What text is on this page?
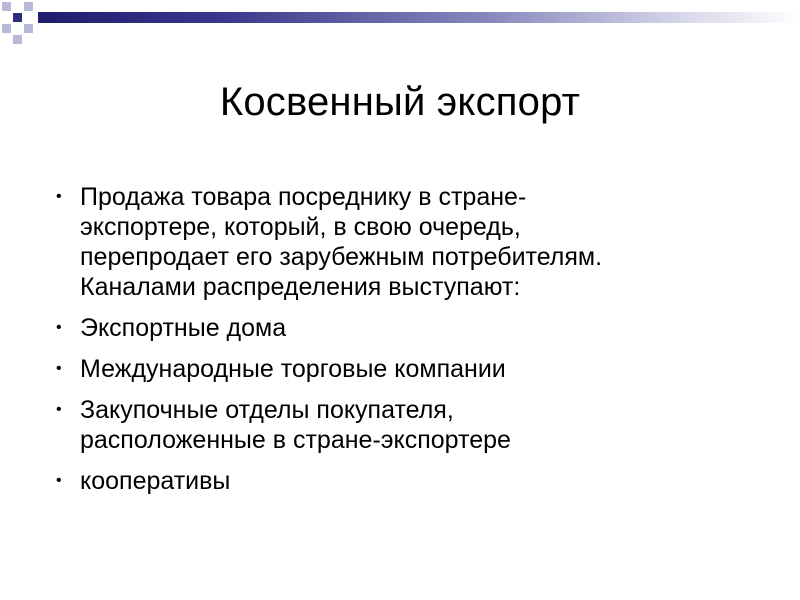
Косвенный экспорт
• Продажа товара посреднику в стране-
экспортере, который, в свою очередь,
перепродает его зарубежным потребителям.
Каналами распределения выступают:
• Экспортные дома
• Международные торговые компании
• Закупочные отделы покупателя,
расположенные в стране-экспортере
• кооперативы
